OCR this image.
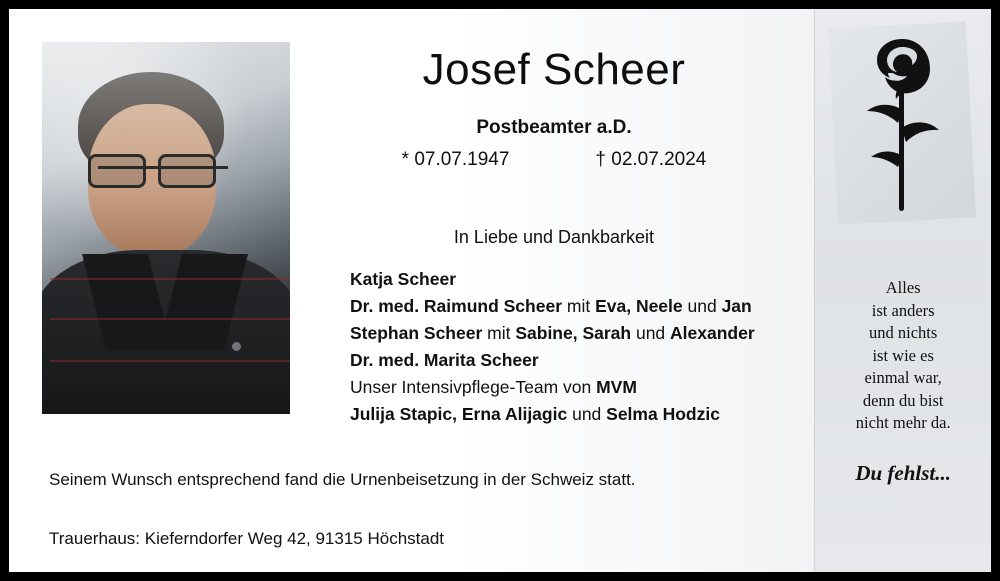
Josef Scheer
Postbeamter a.D.
* 07.07.1947	† 02.07.2024
In Liebe und Dankbarkeit
Katja Scheer
Dr. med. Raimund Scheer mit Eva, Neele und Jan
Stephan Scheer mit Sabine, Sarah und Alexander
Dr. med. Marita Scheer
Unser Intensivpflege-Team von MVM
Julija Stapic, Erna Alijagic und Selma Hodzic
Seinem Wunsch entsprechend fand die Urnenbeisetzung in der Schweiz statt.
Trauerhaus: Kieferndorfer Weg 42, 91315 Höchstadt
Alles
ist anders
und nichts
ist wie es
einmal war,
denn du bist
nicht mehr da.
Du fehlst...
